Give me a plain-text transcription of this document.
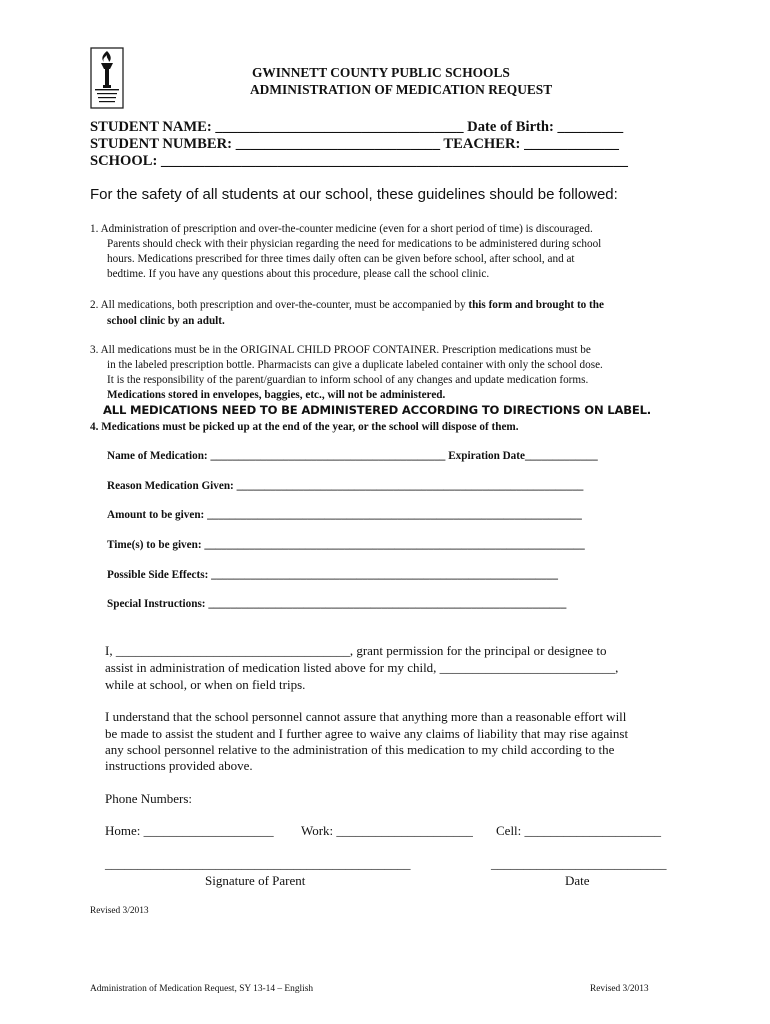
GWINNETT COUNTY PUBLIC SCHOOLS
ADMINISTRATION OF MEDICATION REQUEST
STUDENT NAME: __________________________________ Date of Birth: _________
STUDENT NUMBER: ____________________________ TEACHER: _____________
SCHOOL: ________________________________________________________________
For the safety of all students at our school, these guidelines should be followed:
1. Administration of prescription and over-the-counter medicine (even for a short period of time) is discouraged.
Parents should check with their physician regarding the need for medications to be administered during school
hours. Medications prescribed for three times daily often can be given before school, after school, and at
bedtime. If you have any questions about this procedure, please call the school clinic.
2. All medications, both prescription and over-the-counter, must be accompanied by this form and brought to the
school clinic by an adult.
3. All medications must be in the ORIGINAL CHILD PROOF CONTAINER. Prescription medications must be
in the labeled prescription bottle. Pharmacists can give a duplicate labeled container with only the school dose.
It is the responsibility of the parent/guardian to inform school of any changes and update medication forms.
Medications stored in envelopes, baggies, etc., will not be administered.
ALL MEDICATIONS NEED TO BE ADMINISTERED ACCORDING TO DIRECTIONS ON LABEL.
4. Medications must be picked up at the end of the year, or the school will dispose of them.
Name of Medication: __________________________________________ Expiration Date_____________
Reason Medication Given: ______________________________________________________________
Amount to be given: ___________________________________________________________________
Time(s) to be given: ____________________________________________________________________
Possible Side Effects: ______________________________________________________________
Special Instructions: ________________________________________________________________
I, ____________________________________, grant permission for the principal or designee to
assist in administration of medication listed above for my child, ___________________________,
while at school, or when on field trips.
I understand that the school personnel cannot assure that anything more than a reasonable effort will
be made to assist the student and I further agree to waive any claims of liability that may rise against
any school personnel relative to the administration of this medication to my child according to the
instructions provided above.
Phone Numbers:
Home: ____________________ Work: _____________________ Cell: _____________________
_______________________________________________
Signature of Parent
___________________________
Date
Revised 3/2013
Administration of Medication Request, SY 13-14 – English	Revised 3/2013
